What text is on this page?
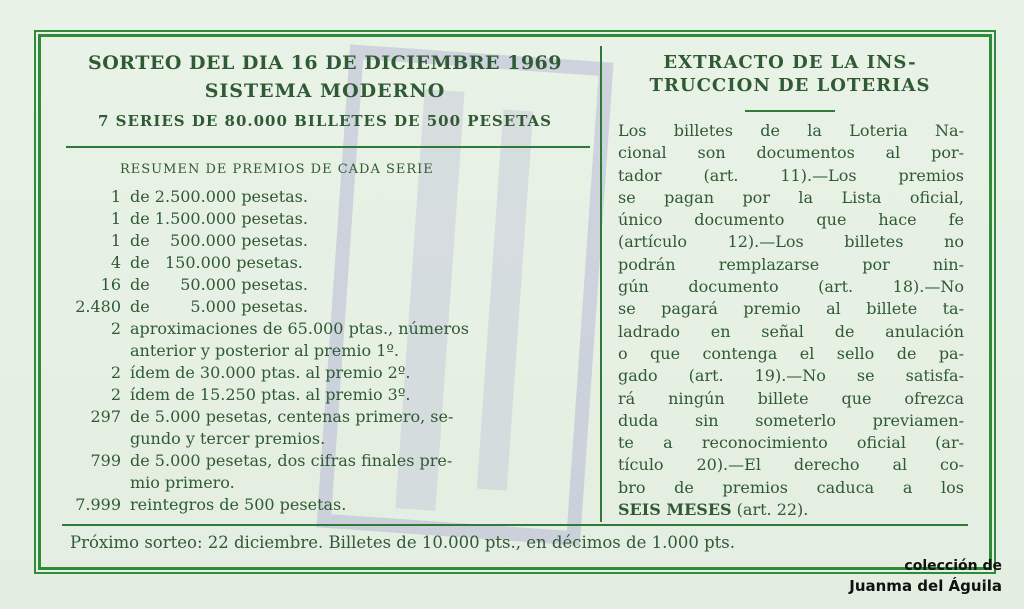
SORTEO DEL DIA 16 DE DICIEMBRE 1969
SISTEMA MODERNO
7 SERIES DE 80.000 BILLETES DE 500 PESETAS
RESUMEN DE PREMIOS DE CADA SERIE
1 de 2.500.000 pesetas.
1 de 1.500.000 pesetas.
1 de    500.000 pesetas.
4 de   150.000 pesetas.
16 de      50.000 pesetas.
2.480 de        5.000 pesetas.
2 aproximaciones de 65.000 ptas., números
anterior y posterior al premio 1º.
2 ídem de 30.000 ptas. al premio 2º.
2 ídem de 15.250 ptas. al premio 3º.
297 de 5.000 pesetas, centenas primero, se-
gundo y tercer premios.
799 de 5.000 pesetas, dos cifras finales pre-
mio primero.
7.999 reintegros de 500 pesetas.
EXTRACTO DE LA INS-
TRUCCION DE LOTERIAS
Los billetes de la Loteria Na-
cional son documentos al por-
tador (art. 11).—Los premios
se pagan por la Lista oficial,
único documento que hace fe
(artículo 12).—Los billetes no
podrán remplazarse por nin-
gún documento (art. 18).—No
se pagará premio al billete ta-
ladrado en señal de anulación
o que contenga el sello de pa-
gado (art. 19).—No se satisfa-
rá ningún billete que ofrezca
duda sin someterlo previamen-
te a reconocimiento oficial (ar-
tículo 20).—El derecho al co-
bro de premios caduca a los
SEIS MESES (art. 22).
Próximo sorteo: 22 diciembre. Billetes de 10.000 pts., en décimos de 1.000 pts.
colección de
Juanma del Águila
